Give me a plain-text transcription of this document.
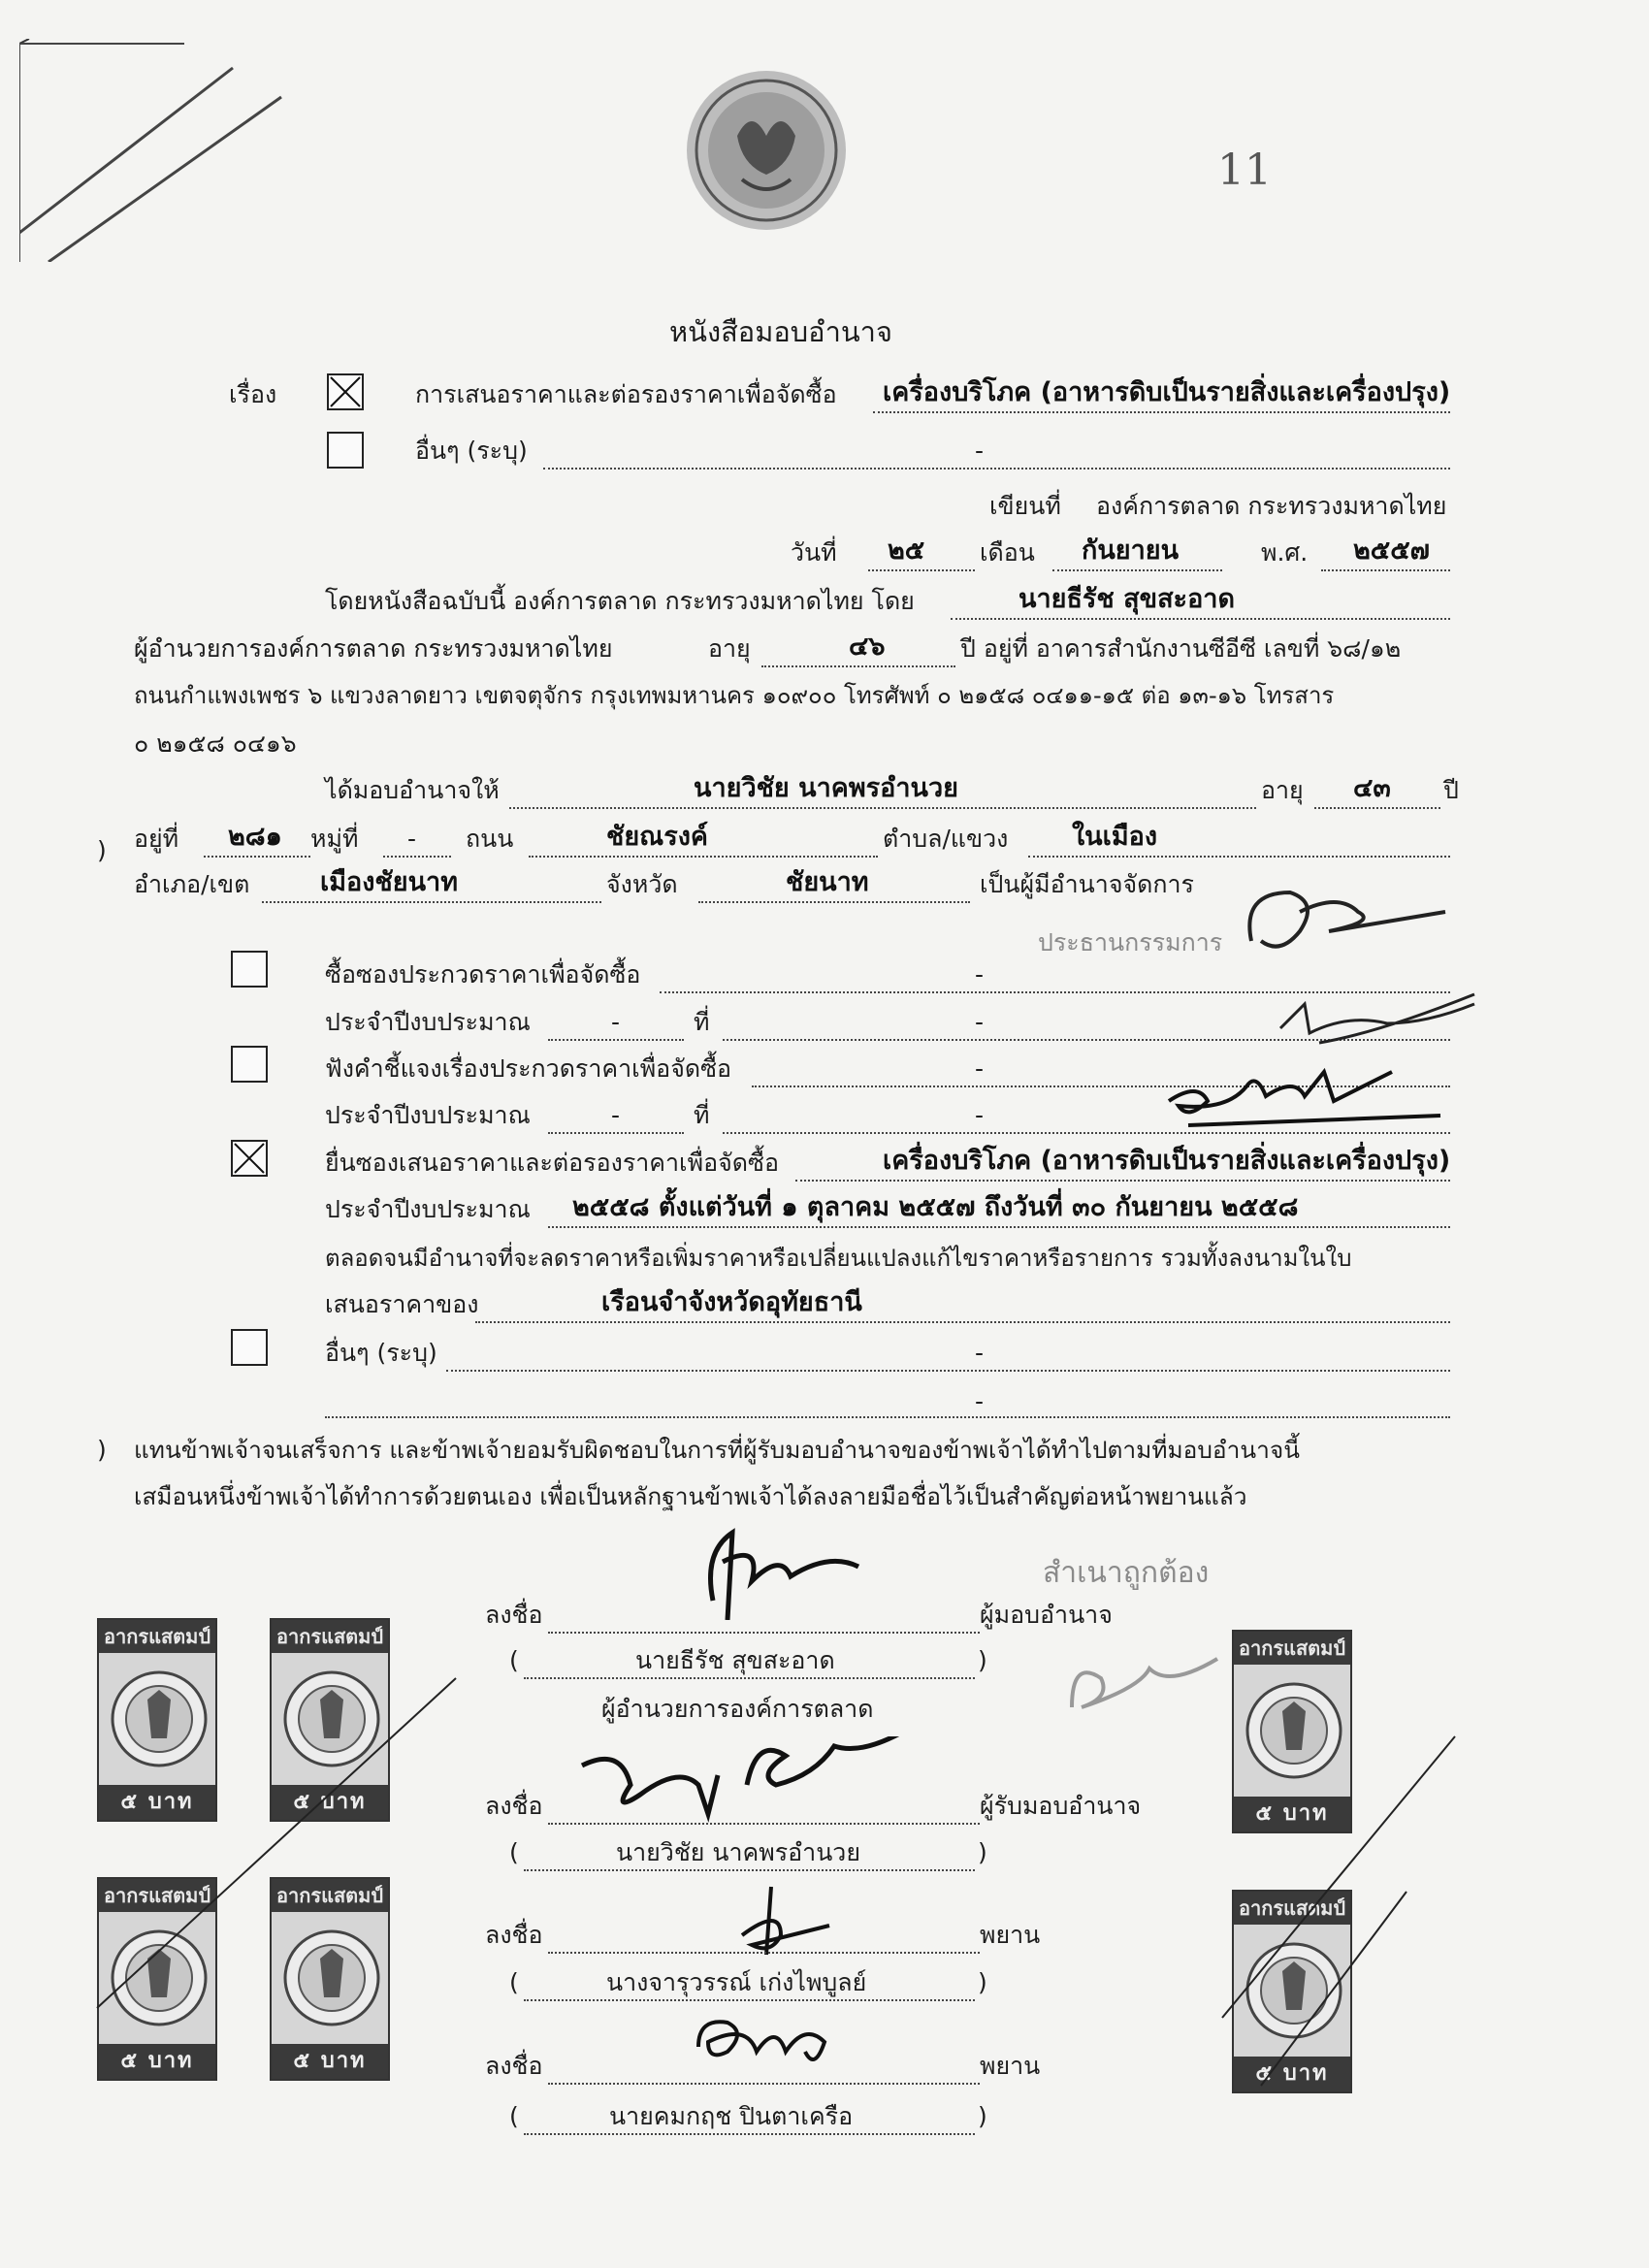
11
หนังสือมอบอำนาจ
เรื่อง	การเสนอราคาและต่อรองราคาเพื่อจัดซื้อ เครื่องบริโภค (อาหารดิบเป็นรายสิ่งและเครื่องปรุง)
อื่นๆ (ระบุ)	-
เขียนที่ องค์การตลาด กระทรวงมหาดไทย
วันที่ ๒๕ เดือน กันยายน	พ.ศ. ๒๕๕๗
โดยหนังสือฉบับนี้ องค์การตลาด กระทรวงมหาดไทย โดย	นายธีรัช สุขสะอาด
ผู้อำนวยการองค์การตลาด กระทรวงมหาดไทย	อายุ	๔๖	ปี อยู่ที่ อาคารสำนักงานซีอีซี เลขที่ ๖๘/๑๒
ถนนกำแพงเพชร ๖ แขวงลาดยาว เขตจตุจักร กรุงเทพมหานคร ๑๐๙๐๐ โทรศัพท์ ๐ ๒๑๕๘ ๐๔๑๑-๑๕ ต่อ ๑๓-๑๖ โทรสาร
๐ ๒๑๕๘ ๐๔๑๖
ได้มอบอำนาจให้	นายวิชัย นาคพรอำนวย	อายุ ๔๓ ปี
) อยู่ที่ ๒๘๑ หมู่ที่ - ถนน	ชัยณรงค์	ตำบล/แขวง ในเมือง
อำเภอ/เขต	เมืองชัยนาท	จังหวัด	ชัยนาท	เป็นผู้มีอำนาจจัดการ
ประธานกรรมการ
ซื้อซองประกวดราคาเพื่อจัดซื้อ	-
ประจำปีงบประมาณ	-	ที่	-
ฟังคำชี้แจงเรื่องประกวดราคาเพื่อจัดซื้อ	-
ประจำปีงบประมาณ	-	ที่	-
ยื่นซองเสนอราคาและต่อรองราคาเพื่อจัดซื้อ	เครื่องบริโภค (อาหารดิบเป็นรายสิ่งและเครื่องปรุง)
ประจำปีงบประมาณ ๒๕๕๘ ตั้งแต่วันที่ ๑ ตุลาคม ๒๕๕๗ ถึงวันที่ ๓๐ กันยายน ๒๕๕๘
ตลอดจนมีอำนาจที่จะลดราคาหรือเพิ่มราคาหรือเปลี่ยนแปลงแก้ไขราคาหรือรายการ รวมทั้งลงนามในใบ
เสนอราคาของ	เรือนจำจังหวัดอุทัยธานี
อื่นๆ (ระบุ)	-
-
) แทนข้าพเจ้าจนเสร็จการ และข้าพเจ้ายอมรับผิดชอบในการที่ผู้รับมอบอำนาจของข้าพเจ้าได้ทำไปตามที่มอบอำนาจนี้
เสมือนหนึ่งข้าพเจ้าได้ทำการด้วยตนเอง เพื่อเป็นหลักฐานข้าพเจ้าได้ลงลายมือชื่อไว้เป็นสำคัญต่อหน้าพยานแล้ว
สำเนาถูกต้อง
ลงชื่อ	ผู้มอบอำนาจ
(	นายธีรัช สุขสะอาด	)
ผู้อำนวยการองค์การตลาด
ลงชื่อ	ผู้รับมอบอำนาจ
(	นายวิชัย นาคพรอำนวย	)
ลงชื่อ	พยาน
(	นางจารุวรรณ์ เก่งไพบูลย์	)
ลงชื่อ	พยาน
(	นายคมกฤช ปินตาเครือ	)
อากรแสตมป์
๕ บาท
อากรแสตมป์
๕ บาท
อากรแสตมป์
๕ บาท
อากรแสตมป์
๕ บาท
อากรแสตมป์
๕ บาท
อากรแสตมป์
๕ บาท
